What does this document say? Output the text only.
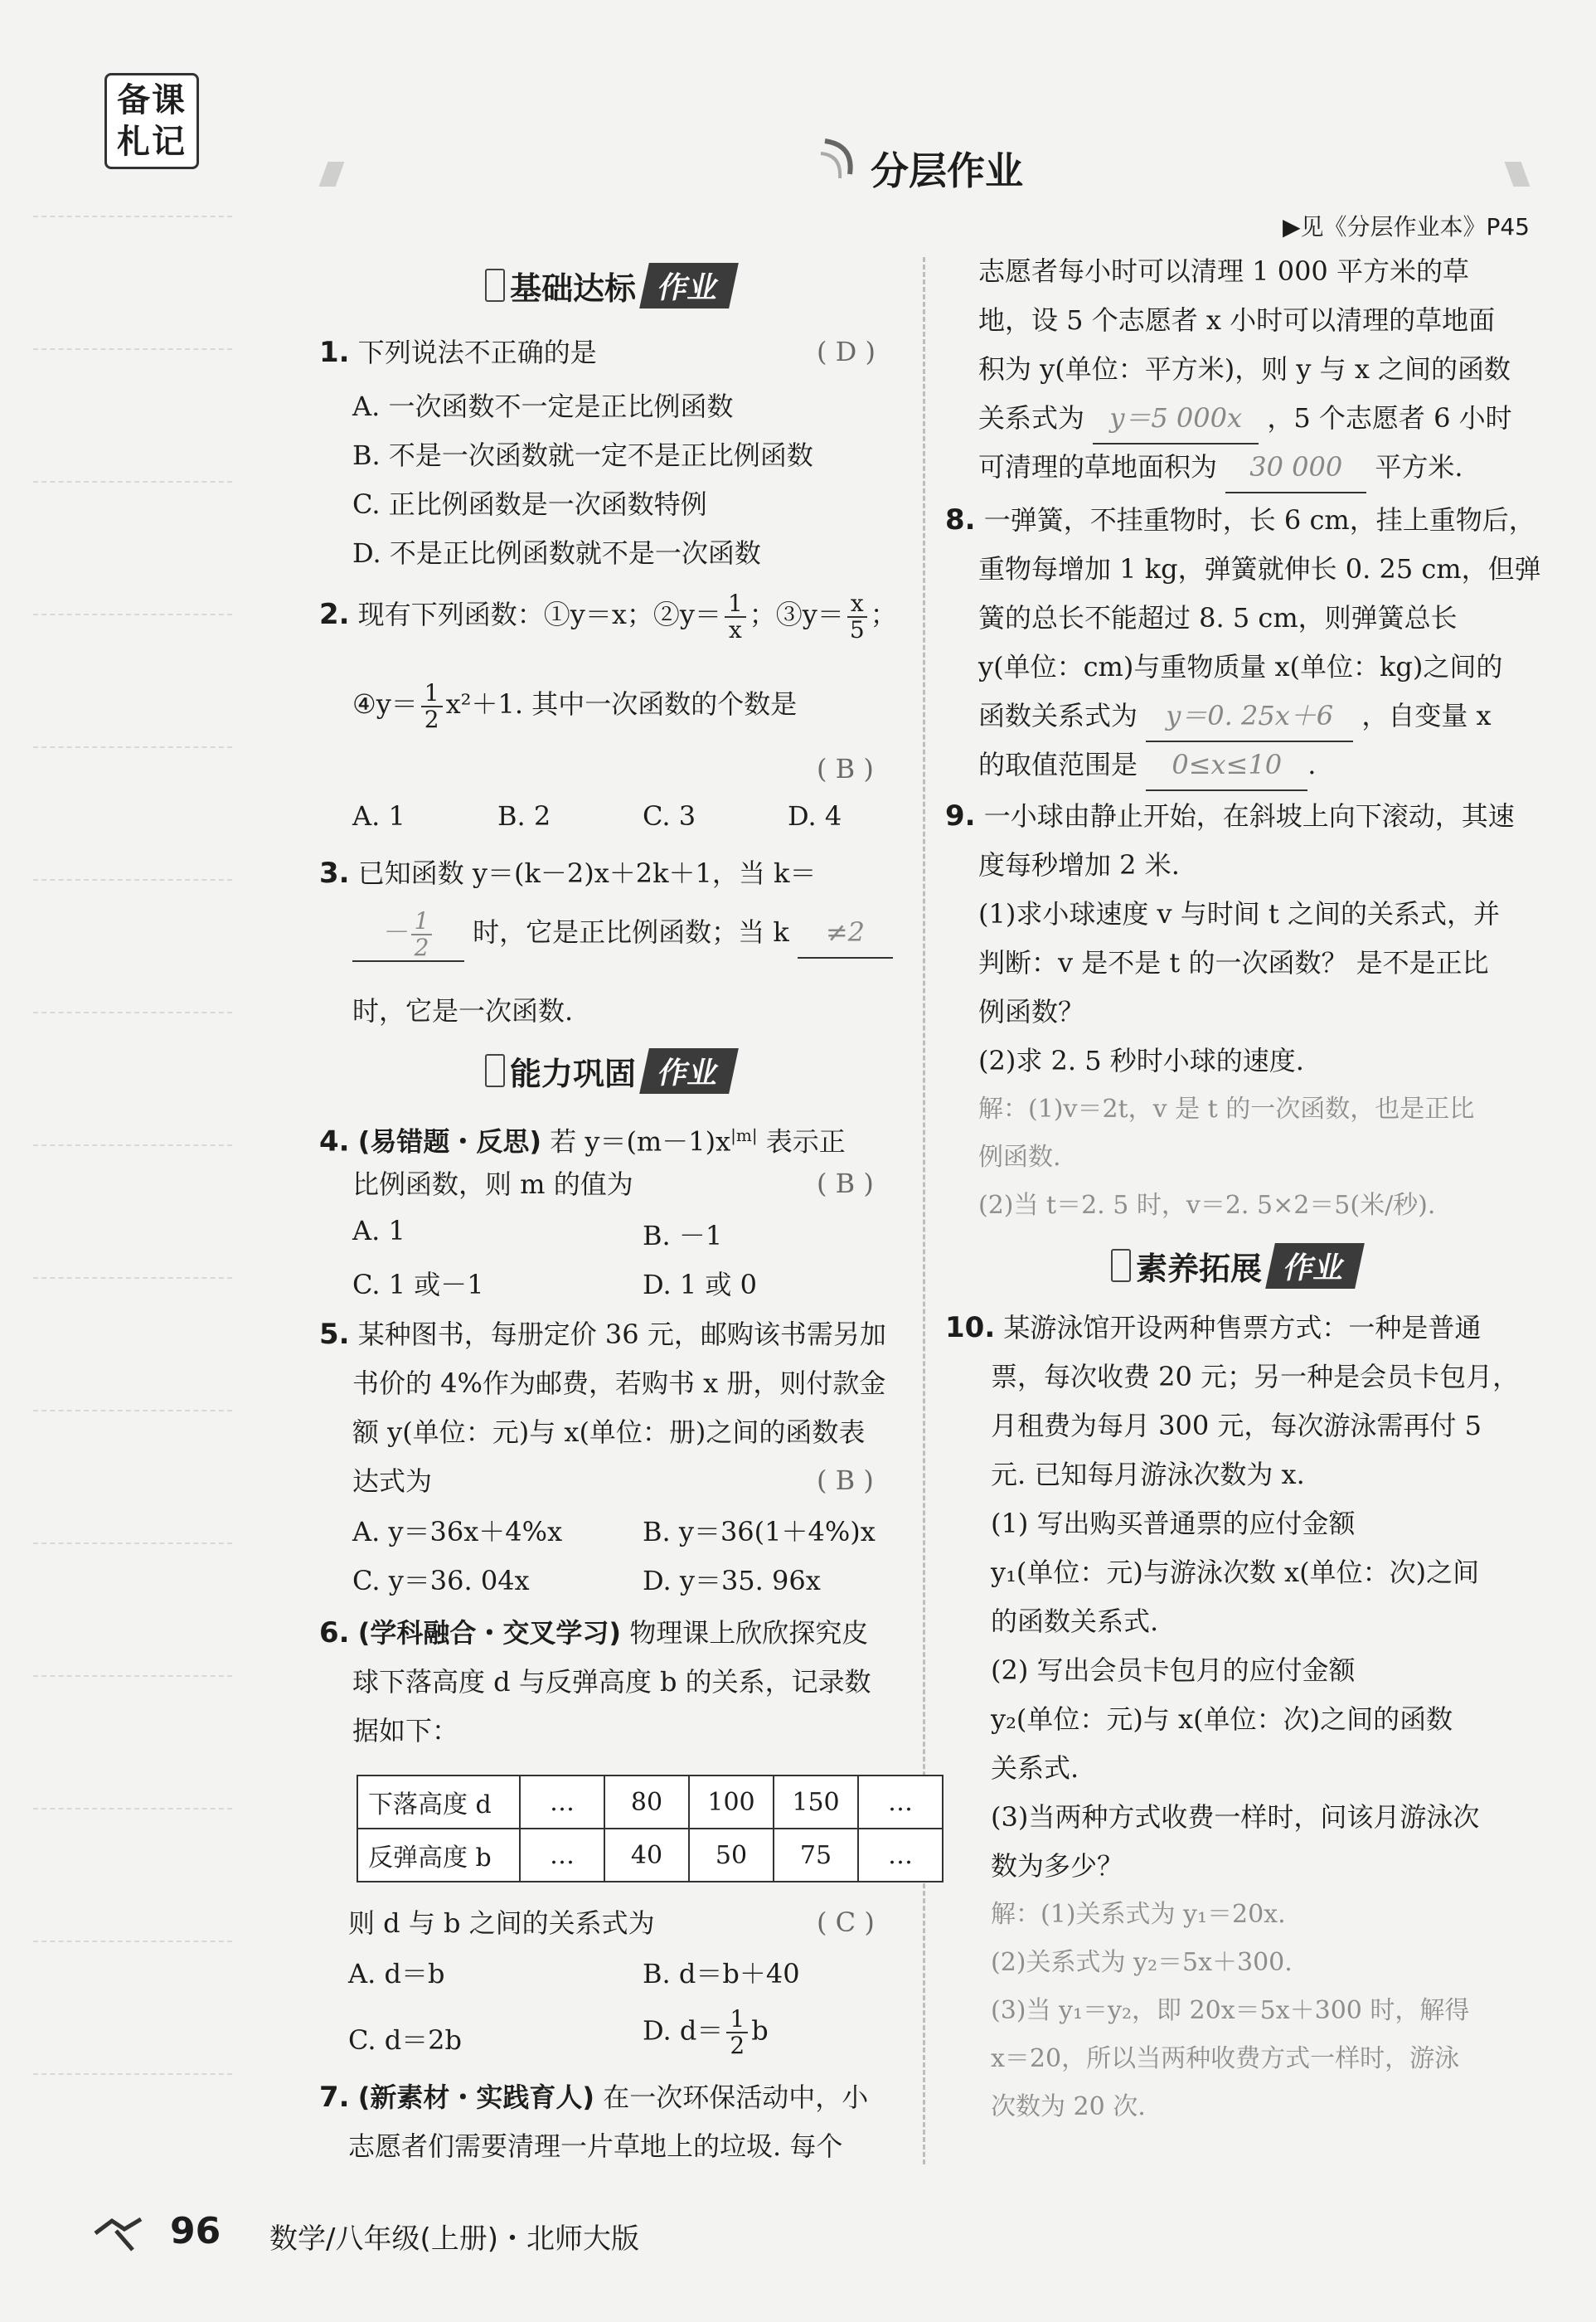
备课
札记
分层作业
▶见《分层作业本》P45
基础达标 作业
1. 下列说法不正确的是	( D )
A. 一次函数不一定是正比例函数
B. 不是一次函数就一定不是正比例函数
C. 正比例函数是一次函数特例
D. 不是正比例函数就不是一次函数
2. 现有下列函数：①y＝x；②y＝ $\frac{1}{x}$ ；③y＝ $\frac{x}{5}$ ；
④y＝ $\frac{1}{2} x^2+1$. 其中一次函数的个数是
( B )
A. 1	B. 2	C. 3	D. 4
3. 已知函数 y＝(k－2)x＋2k＋1，当 k＝
－ $\frac{1}{2}$ 时，它是正比例函数；当 k ≠2
时，它是一次函数.
能力巩固 作业
4. (易错题・反思) 若 $y=(m-1)x^{|m|}$ 表示正
比例函数，则 m 的值为	( B )
A. 1	B. －1
C. 1 或－1	D. 1 或 0
5. 某种图书，每册定价 36 元，邮购该书需另加
书价的 4%作为邮费，若购书 x 册，则付款金
额 y(单位：元)与 x(单位：册)之间的函数表
达式为	( B )
A. y＝36x＋4%x	B. y＝36(1＋4%)x
C. y＝36. 04x	D. y＝35. 96x
6. (学科融合・交叉学习) 物理课上欣欣探究皮
球下落高度 d 与反弹高度 b 的关系，记录数
据如下：
下落高度 d	…	80	100	150	…
反弹高度 b	…	40	50	75	…
则 d 与 b 之间的关系式为	( C )
A. d＝b	B. d＝b＋40
C. d＝2b	D. $d= \frac{1}{2}$ b
7. (新素材・实践育人) 在一次环保活动中，小
志愿者们需要清理一片草地上的垃圾. 每个
志愿者每小时可以清理 1 000 平方米的草
地，设 5 个志愿者 x 小时可以清理的草地面
积为 y(单位：平方米)，则 y 与 x 之间的函数
关系式为 y＝5 000x ，5 个志愿者 6 小时
可清理的草地面积为 30 000 平方米.
8. 一弹簧，不挂重物时，长 6 cm，挂上重物后，
重物每增加 1 kg，弹簧就伸长 0. 25 cm，但弹
簧的总长不能超过 8. 5 cm，则弹簧总长
y(单位：cm)与重物质量 x(单位：kg)之间的
函数关系式为 y＝0. 25x＋6 ，自变量 x
的取值范围是 0≤x≤10 .
9. 一小球由静止开始，在斜坡上向下滚动，其速
度每秒增加 2 米.
(1)求小球速度 v 与时间 t 之间的关系式，并
判断：v 是不是 t 的一次函数？ 是不是正比
例函数？
(2)求 2. 5 秒时小球的速度.
解：(1)v＝2t，v 是 t 的一次函数，也是正比
例函数.
(2)当 t＝2. 5 时，v＝2. 5×2＝5(米/秒).
素养拓展 作业
10. 某游泳馆开设两种售票方式：一种是普通
票，每次收费 20 元；另一种是会员卡包月，
月租费为每月 300 元，每次游泳需再付 5
元. 已知每月游泳次数为 x.
(1) 写出购买普通票的应付金额
y₁(单位：元)与游泳次数 x(单位：次)之间
的函数关系式.
(2) 写出会员卡包月的应付金额
y₂(单位：元)与 x(单位：次)之间的函数
关系式.
(3)当两种方式收费一样时，问该月游泳次
数为多少？
解：(1)关系式为 y₁＝20x.
(2)关系式为 y₂＝5x＋300.
(3)当 y₁＝y₂，即 20x＝5x＋300 时，解得
x＝20，所以当两种收费方式一样时，游泳
次数为 20 次.
96 数学/八年级(上册)・北师大版
